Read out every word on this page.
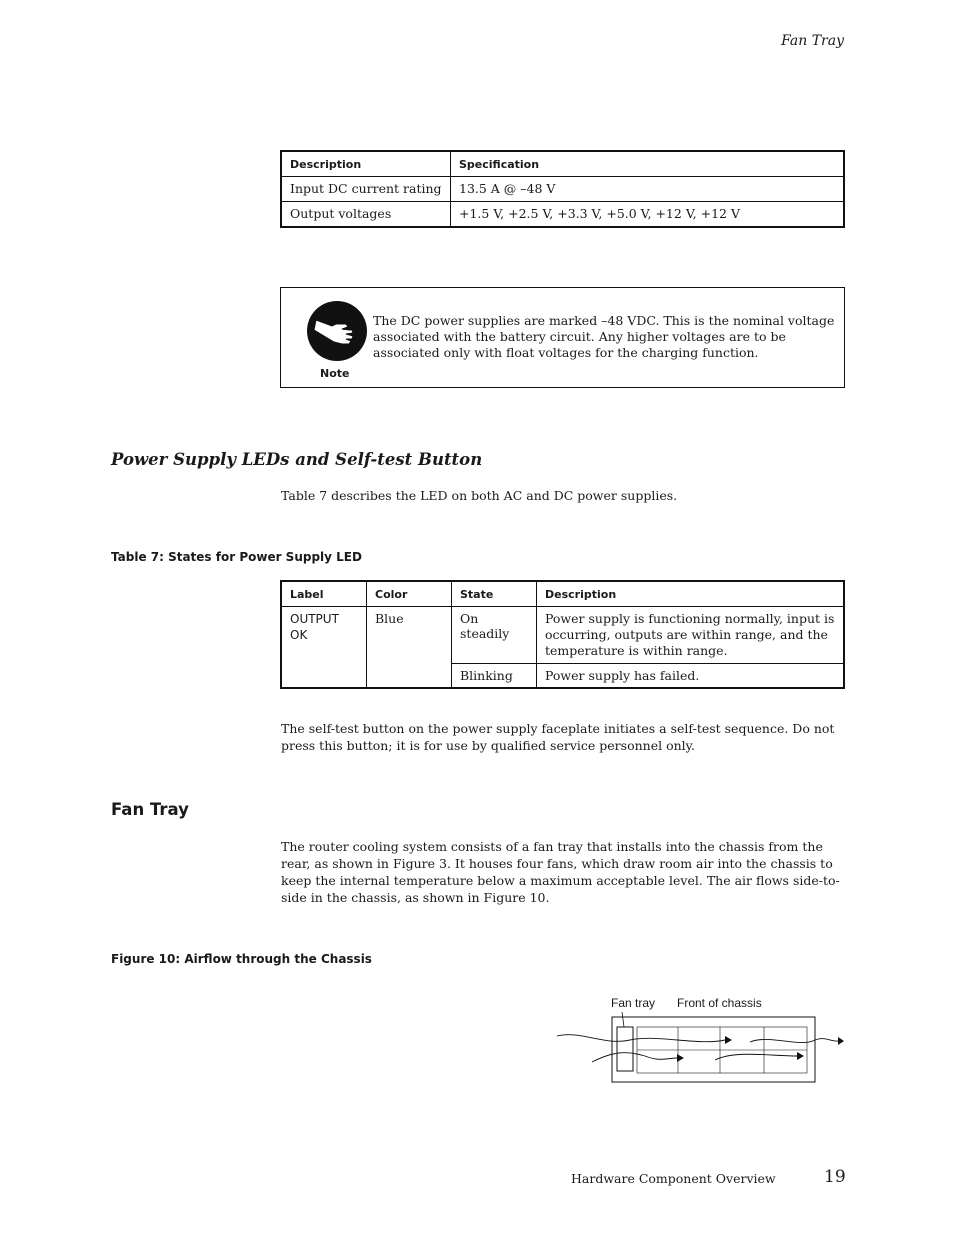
Fan Tray
Description	Specification
Input DC current rating	13.5 A @ –48 V
Output voltages	+1.5 V, +2.5 V, +3.3 V, +5.0 V, +12 V, +12 V
Note
The DC power supplies are marked –48 VDC. This is the nominal voltage associated with the battery circuit. Any higher voltages are to be associated only with float voltages for the charging function.
Power Supply LEDs and Self-test Button
Table 7 describes the LED on both AC and DC power supplies.
Table 7: States for Power Supply LED
Label	Color	State	Description
OUTPUT OK	Blue	On steadily	Power supply is functioning normally, input is occurring, outputs are within range, and the temperature is within range.
		Blinking	Power supply has failed.
The self-test button on the power supply faceplate initiates a self-test sequence. Do not press this button; it is for use by qualified service personnel only.
Fan Tray
The router cooling system consists of a fan tray that installs into the chassis from the rear, as shown in Figure 3. It houses four fans, which draw room air into the chassis to keep the internal temperature below a maximum acceptable level. The air flows side-to-side in the chassis, as shown in Figure 10.
Figure 10: Airflow through the Chassis
Fan tray Front of chassis
Hardware Component Overview	19
